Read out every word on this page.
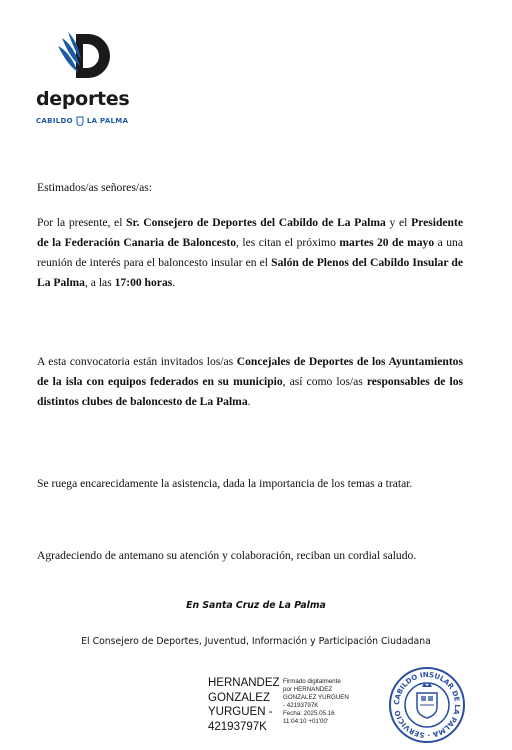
deportes
CABILDO LA PALMA
Estimados/as señores/as:
Por la presente, el Sr. Consejero de Deportes del Cabildo de La Palma y el Presidente de la Federación Canaria de Baloncesto, les citan el próximo martes 20 de mayo a una reunión de interés para el baloncesto insular en el Salón de Plenos del Cabildo Insular de La Palma, a las 17:00 horas.
A esta convocatoria están invitados los/as Concejales de Deportes de los Ayuntamientos de la isla con equipos federados en su municipio, así como los/as responsables de los distintos clubes de baloncesto de La Palma.
Se ruega encarecidamente la asistencia, dada la importancia de los temas a tratar.
Agradeciendo de antemano su atención y colaboración, reciban un cordial saludo.
En Santa Cruz de La Palma
El Consejero de Deportes, Juventud, Información y Participación Ciudadana
HERNANDEZ
GONZALEZ
YURGUEN -
42193797K
Firmado digitalmente
por HERNANDEZ
GONZALEZ YURGUEN
- 42193797K
Fecha: 2025.05.16
11:04:10 +01'00'
CABILDO INSULAR DE LA PALMA · SERVICIO
